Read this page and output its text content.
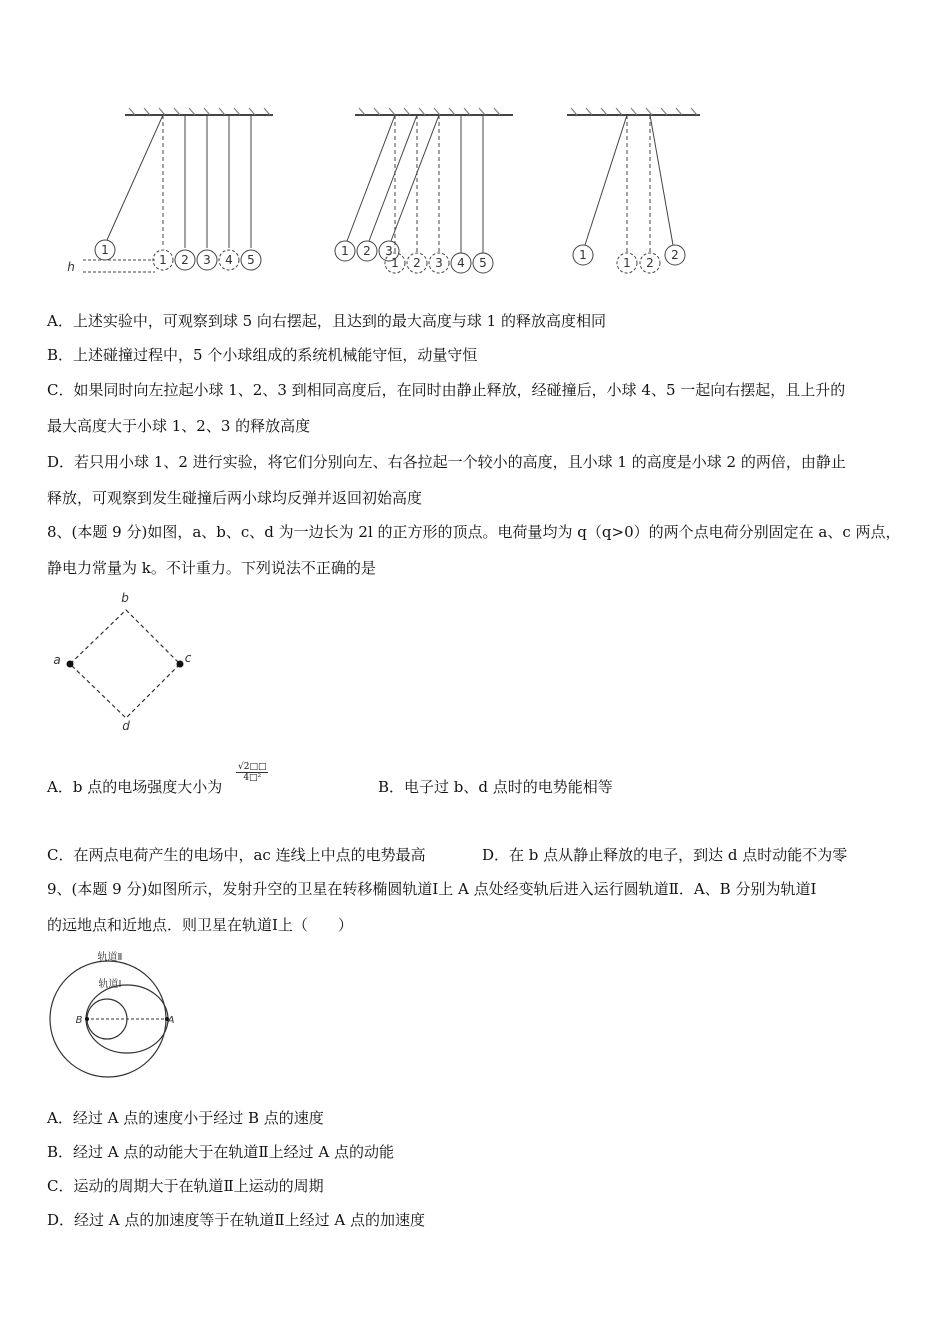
1
1 2 3 4 5
h
1 2 3
1 2 3 4 5
1
1 2
2
A．上述实验中，可观察到球 5 向右摆起，且达到的最大高度与球 1 的释放高度相同
B．上述碰撞过程中，5 个小球组成的系统机械能守恒，动量守恒
C．如果同时向左拉起小球 1、2、3 到相同高度后，在同时由静止释放，经碰撞后，小球 4、5 一起向右摆起，且上升的
最大高度大于小球 1、2、3 的释放高度
D．若只用小球 1、2 进行实验，将它们分别向左、右各拉起一个较小的高度，且小球 1 的高度是小球 2 的两倍，由静止
释放，可观察到发生碰撞后两小球均反弹并返回初始高度
8、(本题 9 分)如图，a、b、c、d 为一边长为 2l 的正方形的顶点。电荷量均为 q（q>0）的两个点电荷分别固定在 a、c 两点，
静电力常量为 k。不计重力。下列说法不正确的是
b
a	c
d
A．b 点的电场强度大小为
$\frac{√2□□}{\text{4□²}}$
B．电子过 b、d 点时的电势能相等
C．在两点电荷产生的电场中，ac 连线上中点的电势最高	D．在 b 点从静止释放的电子，到达 d 点时动能不为零
9、(本题 9 分)如图所示，发射升空的卫星在转移椭圆轨道Ⅰ上 A 点处经变轨后进入运行圆轨道Ⅱ．A、B 分别为轨道Ⅰ
的远地点和近地点．则卫星在轨道Ⅰ上（　　）
轨道Ⅱ
轨道Ⅰ
B	A
A．经过 A 点的速度小于经过 B 点的速度
B．经过 A 点的动能大于在轨道Ⅱ上经过 A 点的动能
C．运动的周期大于在轨道Ⅱ上运动的周期
D．经过 A 点的加速度等于在轨道Ⅱ上经过 A 点的加速度
